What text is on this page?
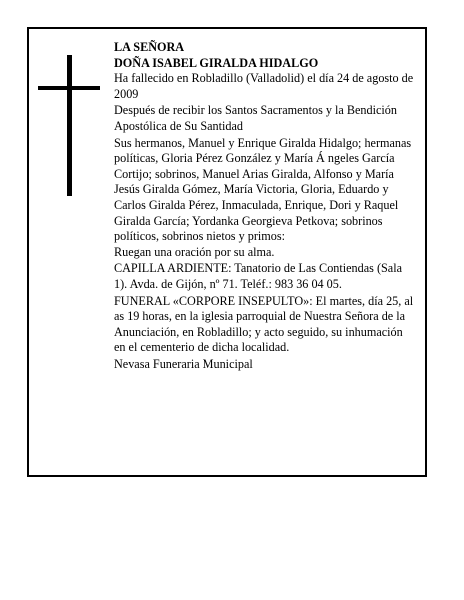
LA SEÑORA

DOÑA ISABEL GIRALDA HIDALGO

Ha fallecido en Robladillo (Valladolid) el día 24 de agosto de 2009

Después de recibir los Santos Sacramentos y la Bendición Apostólica de Su Santidad

Sus hermanos, Manuel y Enrique Giralda Hidalgo; hermanas políticas, Gloria Pérez González y María Á ngeles García Cortijo; sobrinos, Manuel Arias Giralda, Alfonso y María Jesús Giralda Gómez, María Victoria, Gloria, Eduardo y Carlos Giralda Pérez, Inmaculada, Enrique, Dori y Raquel Giralda García; Yordanka Georgieva Petkova; sobrinos políticos, sobrinos nietos y primos:

Ruegan una oración por su alma.

CAPILLA ARDIENTE: Tanatorio de Las Contiendas (Sala 1). Avda. de Gijón, nº 71. Teléf.: 983 36 04 05.

FUNERAL «CORPORE INSEPULTO»: El martes, día 25, al as 19 horas, en la iglesia parroquial de Nuestra Señora de la Anunciación, en Robladillo; y acto seguido, su inhumación en el cementerio de dicha localidad.

Nevasa Funeraria Municipal
